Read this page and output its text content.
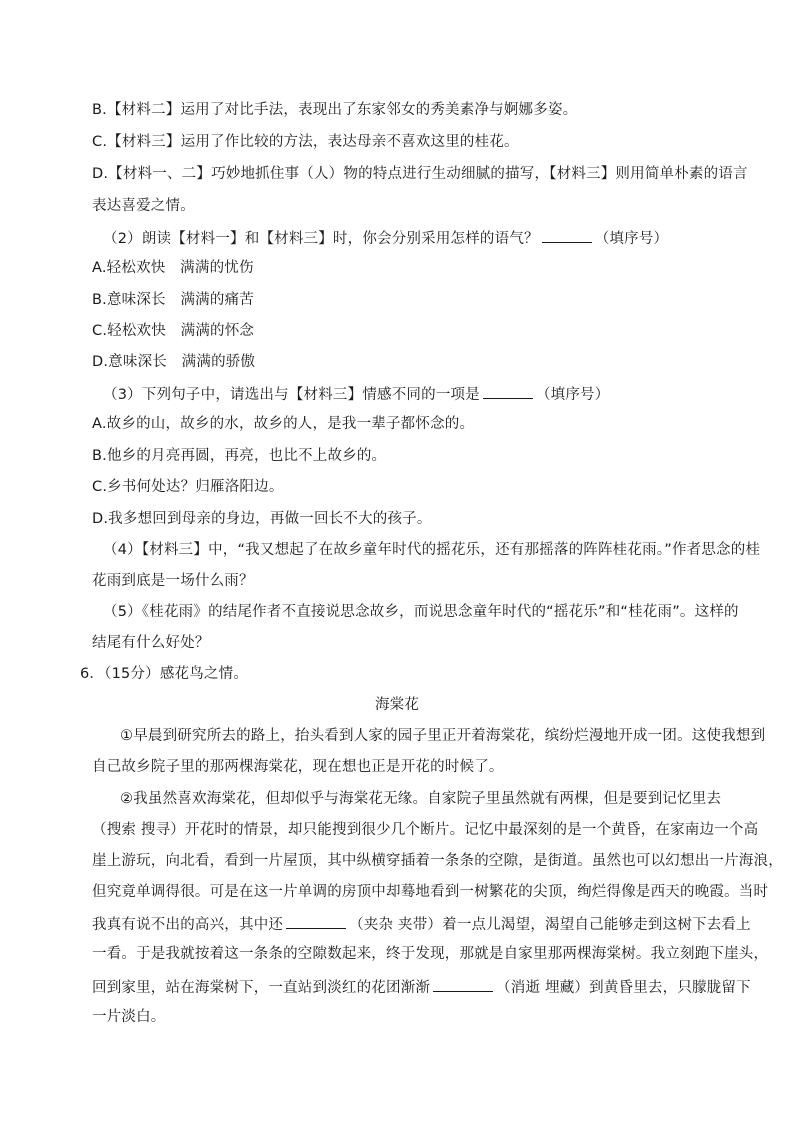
B.【材料二】运用了对比手法，表现出了东家邻女的秀美素净与婀娜多姿。
C.【材料三】运用了作比较的方法，表达母亲不喜欢这里的桂花。
D.【材料一、二】巧妙地抓住事（人）物的特点进行生动细腻的描写，【材料三】则用简单朴素的语言
表达喜爱之情。
（2）朗读【材料一】和【材料三】时，你会分别采用怎样的语气？	（填序号）
A.轻松欢快　满满的忧伤
B.意味深长　满满的痛苦
C.轻松欢快　满满的怀念
D.意味深长　满满的骄傲
（3）下列句子中，请选出与【材料三】情感不同的一项是	（填序号）
A.故乡的山，故乡的水，故乡的人，是我一辈子都怀念的。
B.他乡的月亮再圆，再亮，也比不上故乡的。
C.乡书何处达？归雁洛阳边。
D.我多想回到母亲的身边，再做一回长不大的孩子。
（4）【材料三】中，“我又想起了在故乡童年时代的摇花乐，还有那摇落的阵阵桂花雨。”作者思念的桂
花雨到底是一场什么雨？
（5）《桂花雨》的结尾作者不直接说思念故乡，而说思念童年时代的“摇花乐”和“桂花雨”。这样的
结尾有什么好处？
6．（15分）感花鸟之情。
海棠花
①早晨到研究所去的路上，抬头看到人家的园子里正开着海棠花，缤纷烂漫地开成一团。这使我想到
自己故乡院子里的那两棵海棠花，现在想也正是开花的时候了。
②我虽然喜欢海棠花，但却似乎与海棠花无缘。自家院子里虽然就有两棵，但是要到记忆里去
（搜索 搜寻）开花时的情景，却只能搜到很少几个断片。记忆中最深刻的是一个黄昏，在家南边一个高
崖上游玩，向北看，看到一片屋顶，其中纵横穿插着一条条的空隙，是街道。虽然也可以幻想出一片海浪，
但究竟单调得很。可是在这一片单调的房顶中却蓦地看到一树繁花的尖顶，绚烂得像是西天的晚霞。当时
我真有说不出的高兴，其中还	（夹杂 夹带）着一点儿渴望，渴望自己能够走到这树下去看上
一看。于是我就按着这一条条的空隙数起来，终于发现，那就是自家里那两棵海棠树。我立刻跑下崖头，
回到家里，站在海棠树下，一直站到淡红的花团渐渐	（消逝 埋藏）到黄昏里去，只朦胧留下
一片淡白。
